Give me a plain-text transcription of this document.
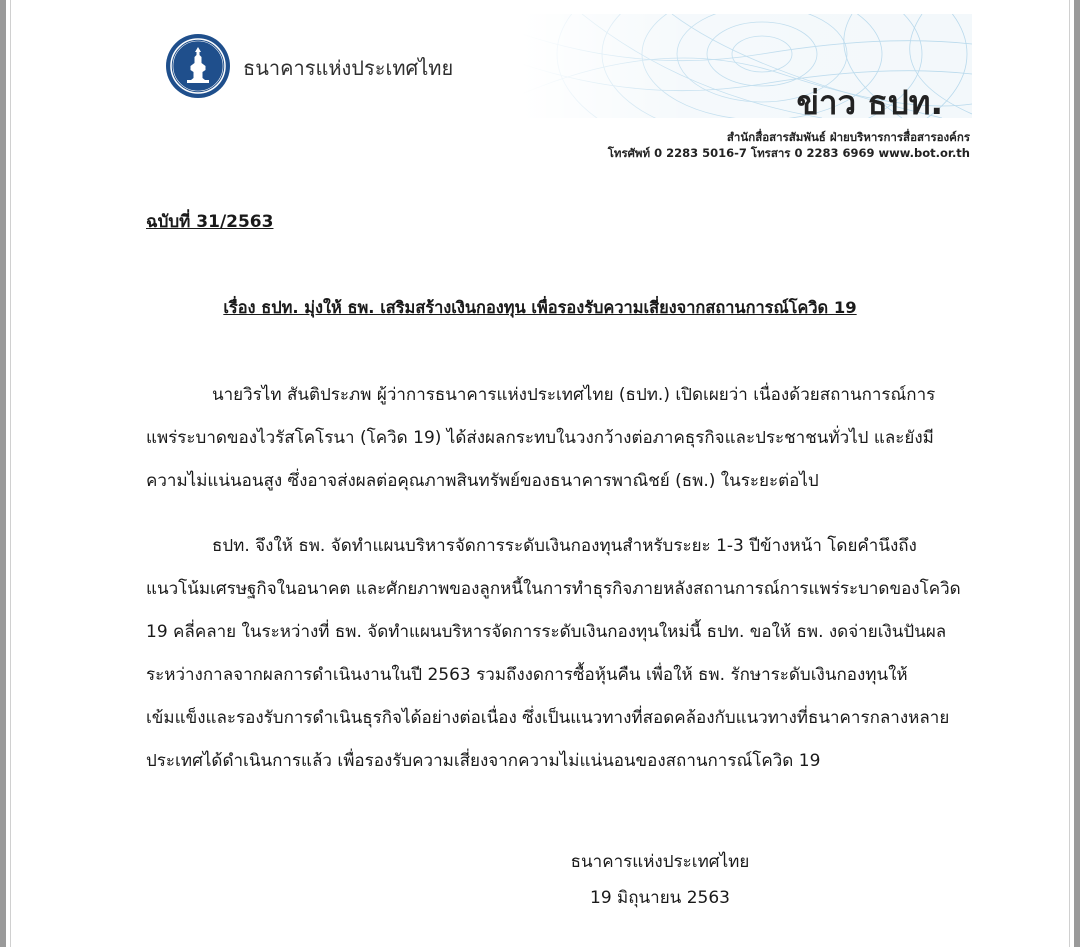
ธนาคารแห่งประเทศไทย
ข่าว ธปท.
สำนักสื่อสารสัมพันธ์ ฝ่ายบริหารการสื่อสารองค์กร
โทรศัพท์ 0 2283 5016-7 โทรสาร 0 2283 6969 www.bot.or.th
ฉบับที่ 31/2563
เรื่อง ธปท. มุ่งให้ ธพ. เสริมสร้างเงินกองทุน เพื่อรองรับความเสี่ยงจากสถานการณ์โควิด 19
นายวิรไท สันติประภพ ผู้ว่าการธนาคารแห่งประเทศไทย (ธปท.) เปิดเผยว่า เนื่องด้วยสถานการณ์การ
แพร่ระบาดของไวรัสโคโรนา (โควิด 19) ได้ส่งผลกระทบในวงกว้างต่อภาคธุรกิจและประชาชนทั่วไป และยังมี
ความไม่แน่นอนสูง ซึ่งอาจส่งผลต่อคุณภาพสินทรัพย์ของธนาคารพาณิชย์ (ธพ.) ในระยะต่อไป
ธปท. จึงให้ ธพ. จัดทำแผนบริหารจัดการระดับเงินกองทุนสำหรับระยะ 1-3 ปีข้างหน้า โดยคำนึงถึง
แนวโน้มเศรษฐกิจในอนาคต และศักยภาพของลูกหนี้ในการทำธุรกิจภายหลังสถานการณ์การแพร่ระบาดของโควิด
19 คลี่คลาย ในระหว่างที่ ธพ. จัดทำแผนบริหารจัดการระดับเงินกองทุนใหม่นี้ ธปท. ขอให้ ธพ. งดจ่ายเงินปันผล
ระหว่างกาลจากผลการดำเนินงานในปี 2563 รวมถึงงดการซื้อหุ้นคืน เพื่อให้ ธพ. รักษาระดับเงินกองทุนให้
เข้มแข็งและรองรับการดำเนินธุรกิจได้อย่างต่อเนื่อง ซึ่งเป็นแนวทางที่สอดคล้องกับแนวทางที่ธนาคารกลางหลาย
ประเทศได้ดำเนินการแล้ว เพื่อรองรับความเสี่ยงจากความไม่แน่นอนของสถานการณ์โควิด 19
ธนาคารแห่งประเทศไทย
19 มิถุนายน 2563
